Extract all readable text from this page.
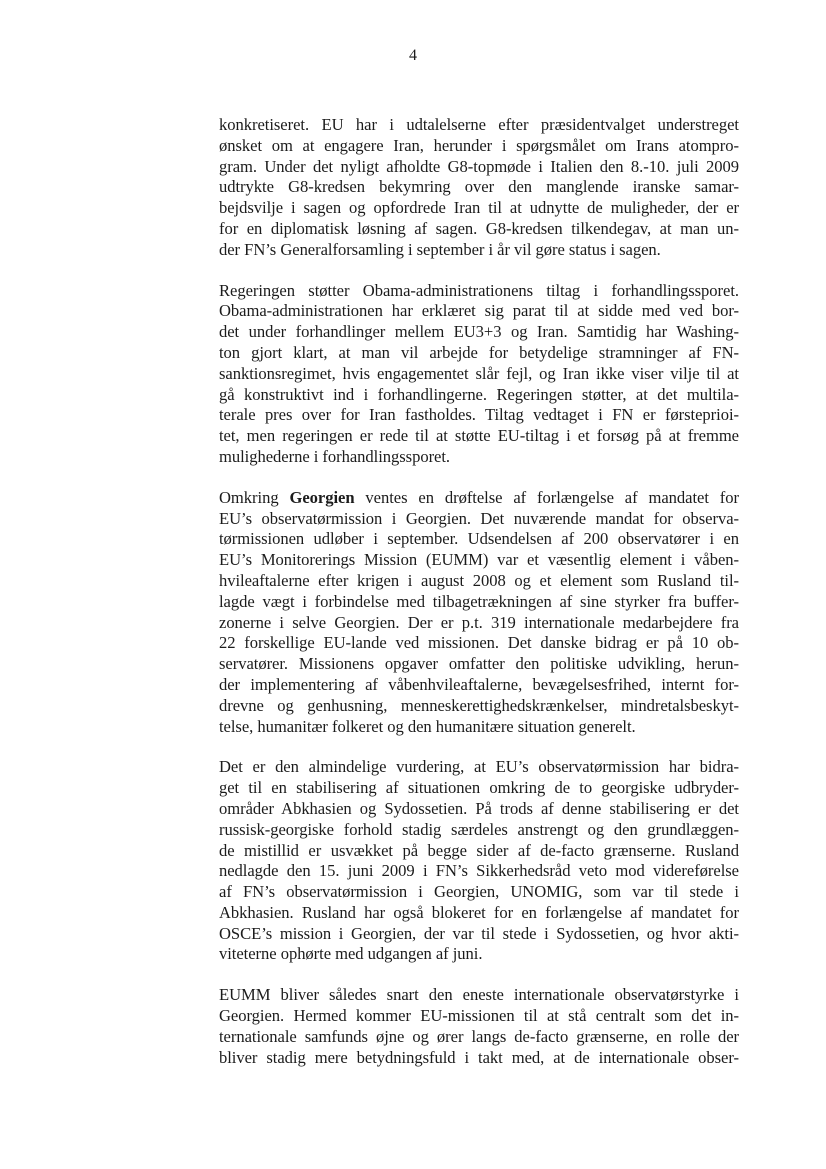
4
konkretiseret. EU har i udtalelserne efter præsidentvalget understreget
ønsket om at engagere Iran, herunder i spørgsmålet om Irans atompro-
gram. Under det nyligt afholdte G8-topmøde i Italien den 8.-10. juli 2009
udtrykte G8-kredsen bekymring over den manglende iranske samar-
bejdsvilje i sagen og opfordrede Iran til at udnytte de muligheder, der er
for en diplomatisk løsning af sagen. G8-kredsen tilkendegav, at man un-
der FN’s Generalforsamling i september i år vil gøre status i sagen.
Regeringen støtter Obama-administrationens tiltag i forhandlingssporet.
Obama-administrationen har erklæret sig parat til at sidde med ved bor-
det under forhandlinger mellem EU3+3 og Iran. Samtidig har Washing-
ton gjort klart, at man vil arbejde for betydelige stramninger af FN-
sanktionsregimet, hvis engagementet slår fejl, og Iran ikke viser vilje til at
gå konstruktivt ind i forhandlingerne. Regeringen støtter, at det multila-
terale pres over for Iran fastholdes. Tiltag vedtaget i FN er førsteprioi-
tet, men regeringen er rede til at støtte EU-tiltag i et forsøg på at fremme
mulighederne i forhandlingssporet.
Omkring Georgien ventes en drøftelse af forlængelse af mandatet for
EU’s observatørmission i Georgien. Det nuværende mandat for observa-
tørmissionen udløber i september. Udsendelsen af 200 observatører i en
EU’s Monitorerings Mission (EUMM) var et væsentlig element i våben-
hvileaftalerne efter krigen i august 2008 og et element som Rusland til-
lagde vægt i forbindelse med tilbagetrækningen af sine styrker fra buffer-
zonerne i selve Georgien. Der er p.t. 319 internationale medarbejdere fra
22 forskellige EU-lande ved missionen. Det danske bidrag er på 10 ob-
servatører. Missionens opgaver omfatter den politiske udvikling, herun-
der implementering af våbenhvileaftalerne, bevægelsesfrihed, internt for-
drevne og genhusning, menneskerettighedskrænkelser, mindretalsbeskyt-
telse, humanitær folkeret og den humanitære situation generelt.
Det er den almindelige vurdering, at EU’s observatørmission har bidra-
get til en stabilisering af situationen omkring de to georgiske udbryder-
områder Abkhasien og Sydossetien. På trods af denne stabilisering er det
russisk-georgiske forhold stadig særdeles anstrengt og den grundlæggen-
de mistillid er usvækket på begge sider af de-facto grænserne. Rusland
nedlagde den 15. juni 2009 i FN’s Sikkerhedsråd veto mod videreførelse
af FN’s observatørmission i Georgien, UNOMIG, som var til stede i
Abkhasien. Rusland har også blokeret for en forlængelse af mandatet for
OSCE’s mission i Georgien, der var til stede i Sydossetien, og hvor akti-
viteterne ophørte med udgangen af juni.
EUMM bliver således snart den eneste internationale observatørstyrke i
Georgien. Hermed kommer EU-missionen til at stå centralt som det in-
ternationale samfunds øjne og ører langs de-facto grænserne, en rolle der
bliver stadig mere betydningsfuld i takt med, at de internationale obser-
